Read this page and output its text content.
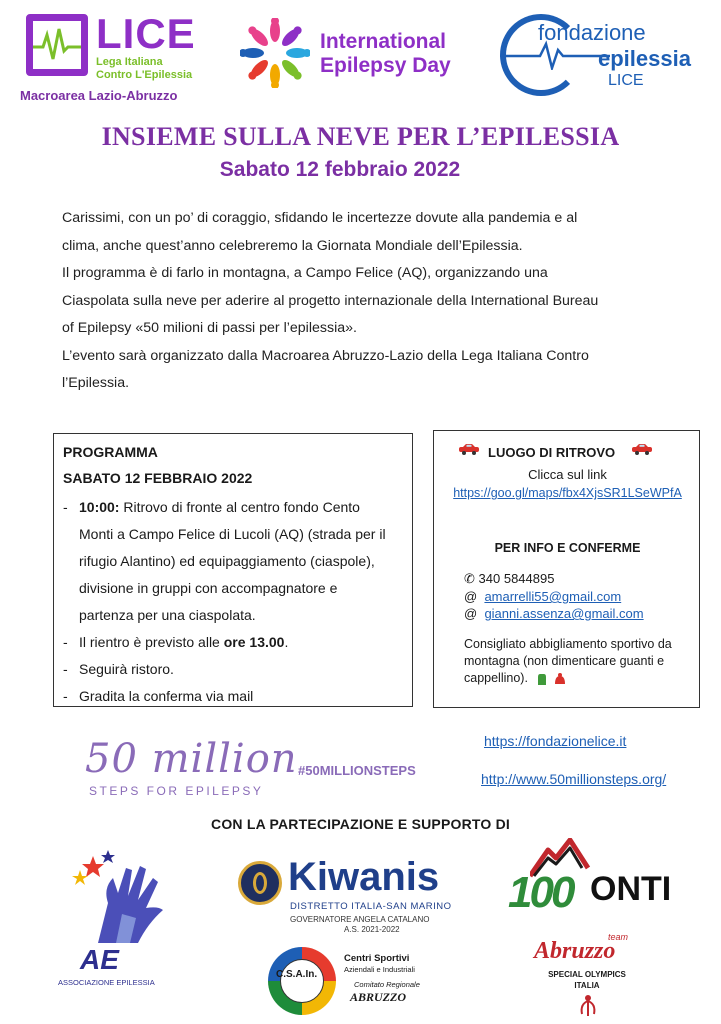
LICE
Lega Italiana
Contro L'Epilessia
Macroarea Lazio-Abruzzo
International
Epilepsy Day
fondazione
epilessia
LICE
INSIEME SULLA NEVE PER L’EPILESSIA
Sabato 12 febbraio 2022
Carissimi, con un po’ di coraggio, sfidando le incertezze dovute alla pandemia e al
clima, anche quest’anno celebreremo la Giornata Mondiale dell’Epilessia.
Il programma è di farlo in montagna, a Campo Felice (AQ), organizzando una
Ciaspolata sulla neve per aderire al progetto internazionale della International Bureau
of Epilepsy «50 milioni di passi per l’epilessia».
L’evento sarà organizzato dalla Macroarea Abruzzo-Lazio della Lega Italiana Contro
l’Epilessia.
PROGRAMMA
SABATO 12 FEBBRAIO 2022
- 10:00: Ritrovo di fronte al centro fondo Cento
Monti a Campo Felice di Lucoli (AQ) (strada per il
rifugio Alantino) ed equipaggiamento (ciaspole),
divisione in gruppi con accompagnatore e
partenza per una ciaspolata.
- Il rientro è previsto alle ore 13.00.
- Seguirà ristoro.
- Gradita la conferma via mail
LUOGO DI RITROVO
Clicca sul link
https://goo.gl/maps/fbx4XjsSR1LSeWPfA
PER INFO E CONFERME
✆ 340 5844895
@ amarrelli55@gmail.com
@ gianni.assenza@gmail.com
Consigliato abbigliamento sportivo da montagna (non dimenticare guanti e cappellino).
50 million
STEPS FOR EPILEPSY
#50MILLIONSTEPS
https://fondazionelice.it
http://www.50millionsteps.org/
CON LA PARTECIPAZIONE E SUPPORTO DI
AE
ASSOCIAZIONE EPILESSIA
Kiwanis
DISTRETTO ITALIA-SAN MARINO
GOVERNATORE ANGELA CATALANO
A.S. 2021-2022
C.S.A.In.
Centri Sportivi
Aziendali e Industriali
Comitato Regionale
ABRUZZO
100 ONTI
team
Abruzzo
SPECIAL OLYMPICS
ITALIA
